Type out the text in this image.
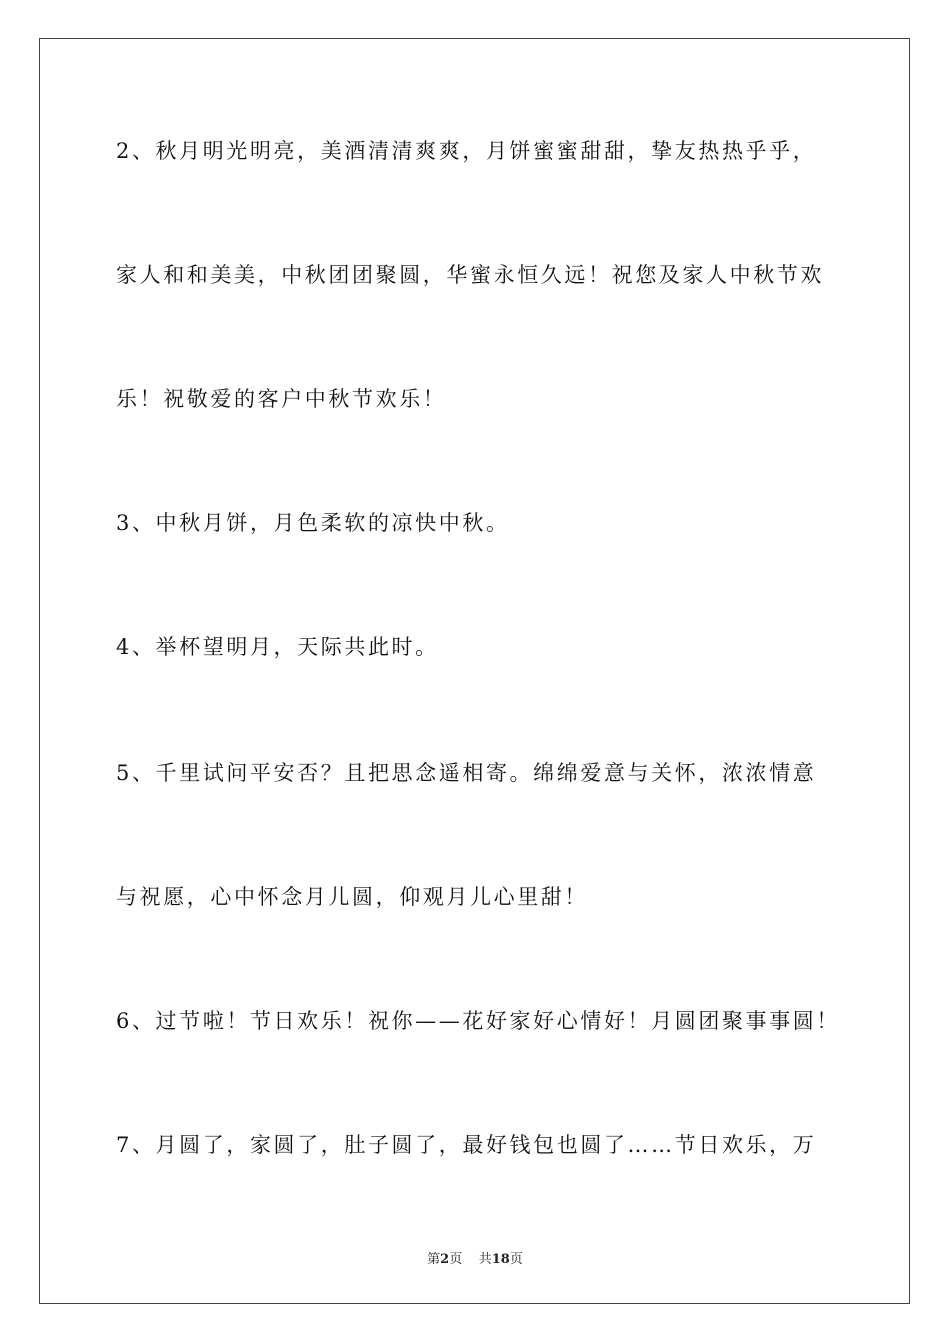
2、秋月明光明亮，美酒清清爽爽，月饼蜜蜜甜甜，挚友热热乎乎，
家人和和美美，中秋团团聚圆，华蜜永恒久远！祝您及家人中秋节欢
乐！祝敬爱的客户中秋节欢乐！
3、中秋月饼，月色柔软的凉快中秋。
4、举杯望明月，天际共此时。
5、千里试问平安否？且把思念遥相寄。绵绵爱意与关怀，浓浓情意
与祝愿，心中怀念月儿圆，仰观月儿心里甜！
6、过节啦！节日欢乐！祝你——花好家好心情好！月圆团聚事事圆！
7、月圆了，家圆了，肚子圆了，最好钱包也圆了……节日欢乐，万
第2页 共18页
